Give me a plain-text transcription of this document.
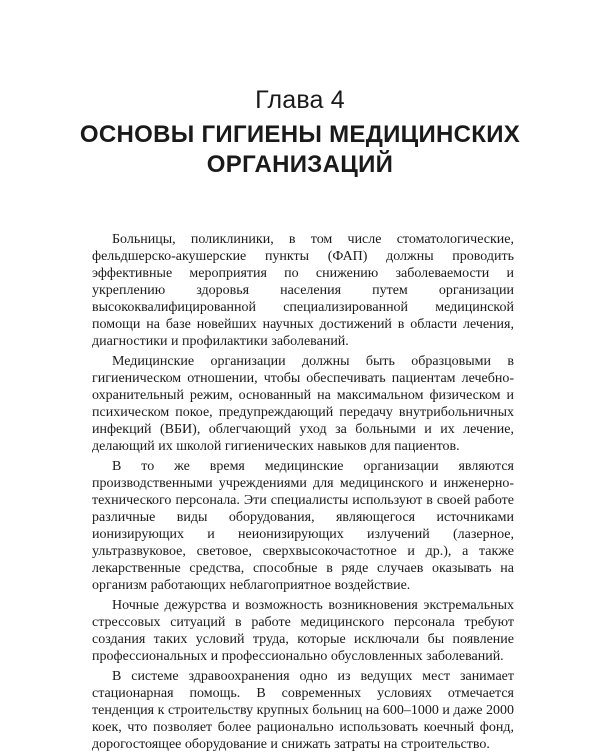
Глава 4
ОСНОВЫ ГИГИЕНЫ МЕДИЦИНСКИХ ОРГАНИЗАЦИЙ

Больницы, поликлиники, в том числе стоматологические, фельдшерско-акушерские пункты (ФАП) должны проводить эффективные мероприятия по снижению заболеваемости и укреплению здоровья населения путем организации высококвалифицированной специализированной медицинской помощи на базе новейших научных достижений в области лечения, диагностики и профилактики заболеваний.

Медицинские организации должны быть образцовыми в гигиеническом отношении, чтобы обеспечивать пациентам лечебно-охранительный режим, основанный на максимальном физическом и психическом покое, предупреждающий передачу внутрибольничных инфекций (ВБИ), облегчающий уход за больными и их лечение, делающий их школой гигиенических навыков для пациентов.

В то же время медицинские организации являются производственными учреждениями для медицинского и инженерно-технического персонала. Эти специалисты используют в своей работе различные виды оборудования, являющегося источниками ионизирующих и неионизирующих излучений (лазерное, ультразвуковое, световое, сверхвысокочастотное и др.), а также лекарственные средства, способные в ряде случаев оказывать на организм работающих неблагоприятное воздействие.

Ночные дежурства и возможность возникновения экстремальных стрессовых ситуаций в работе медицинского персонала требуют создания таких условий труда, которые исключали бы появление профессиональных и профессионально обусловленных заболеваний.

В системе здравоохранения одно из ведущих мест занимает стационарная помощь. В современных условиях отмечается тенденция к строительству крупных больниц на 600–1000 и даже 2000 коек, что позволяет более рационально использовать коечный фонд, дорогостоящее оборудование и снижать затраты на строительство.
